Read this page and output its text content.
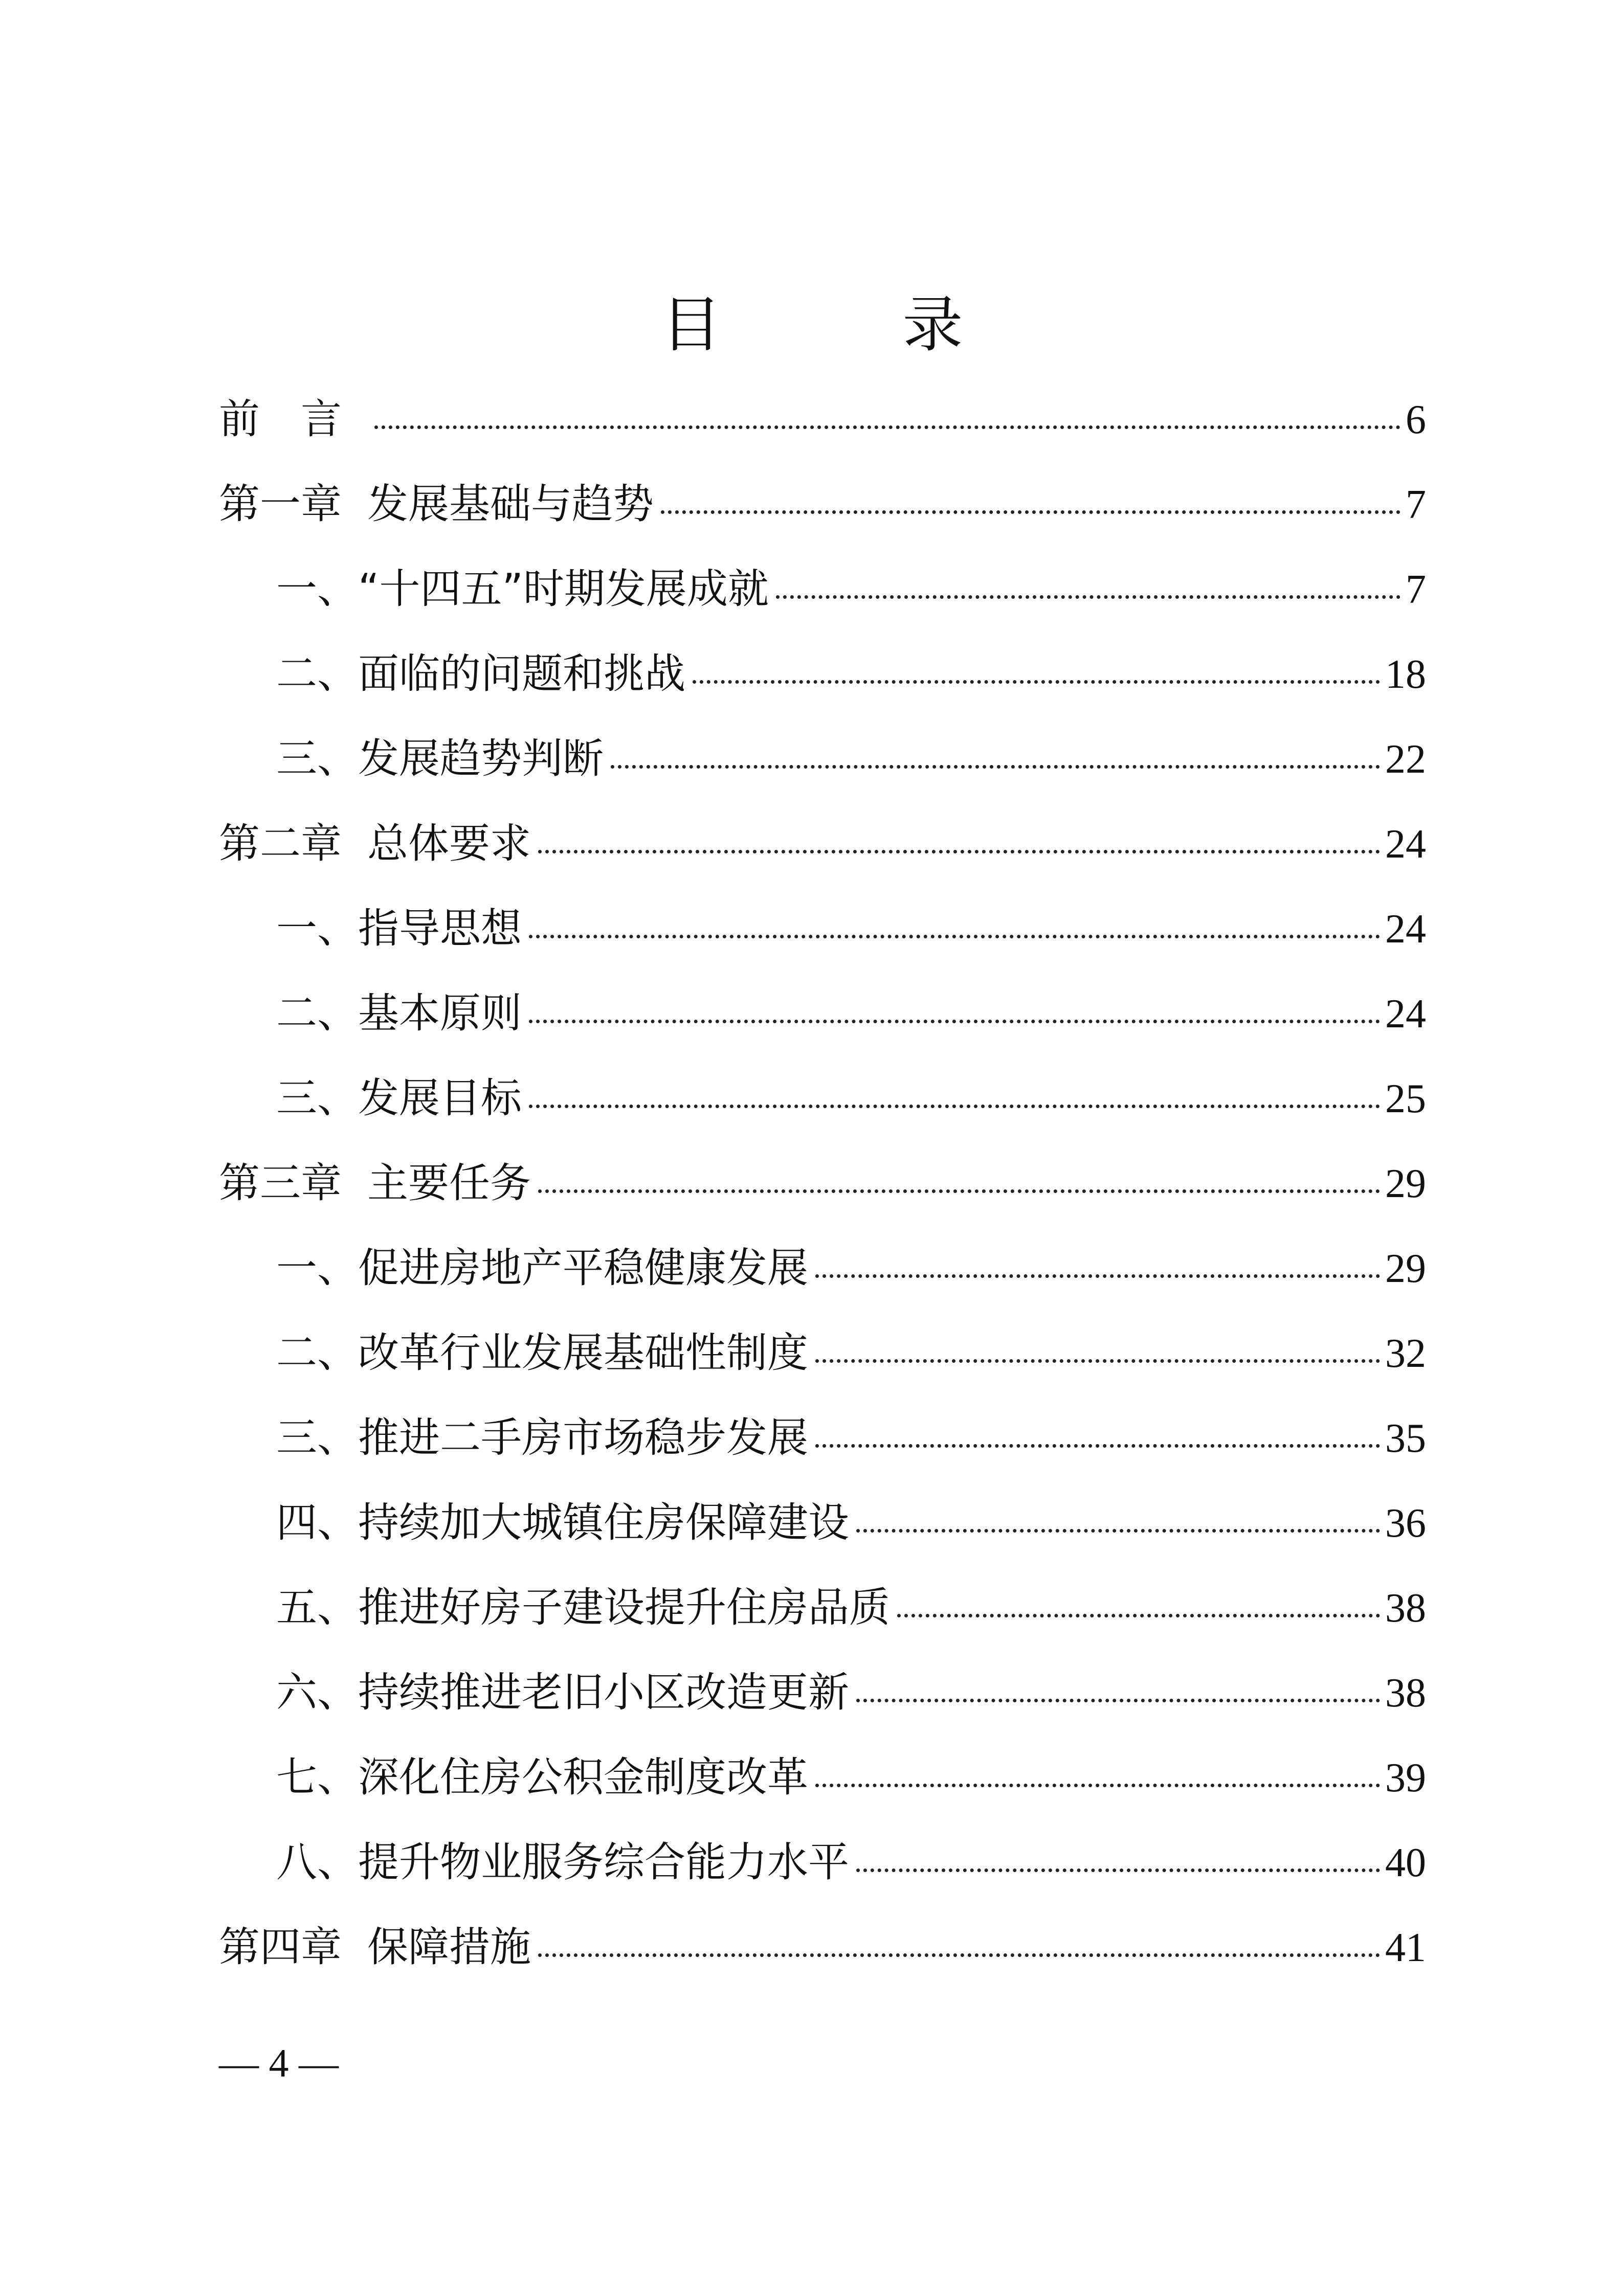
目　录
前　言	6
第一章 发展基础与趋势	7
一、“十四五”时期发展成就	7
二、面临的问题和挑战	18
三、发展趋势判断	22
第二章 总体要求	24
一、指导思想	24
二、基本原则	24
三、发展目标	25
第三章 主要任务	29
一、促进房地产平稳健康发展	29
二、改革行业发展基础性制度	32
三、推进二手房市场稳步发展	35
四、持续加大城镇住房保障建设	36
五、推进好房子建设提升住房品质	38
六、持续推进老旧小区改造更新	38
七、深化住房公积金制度改革	39
八、提升物业服务综合能力水平	40
第四章 保障措施	41
— 4 —
